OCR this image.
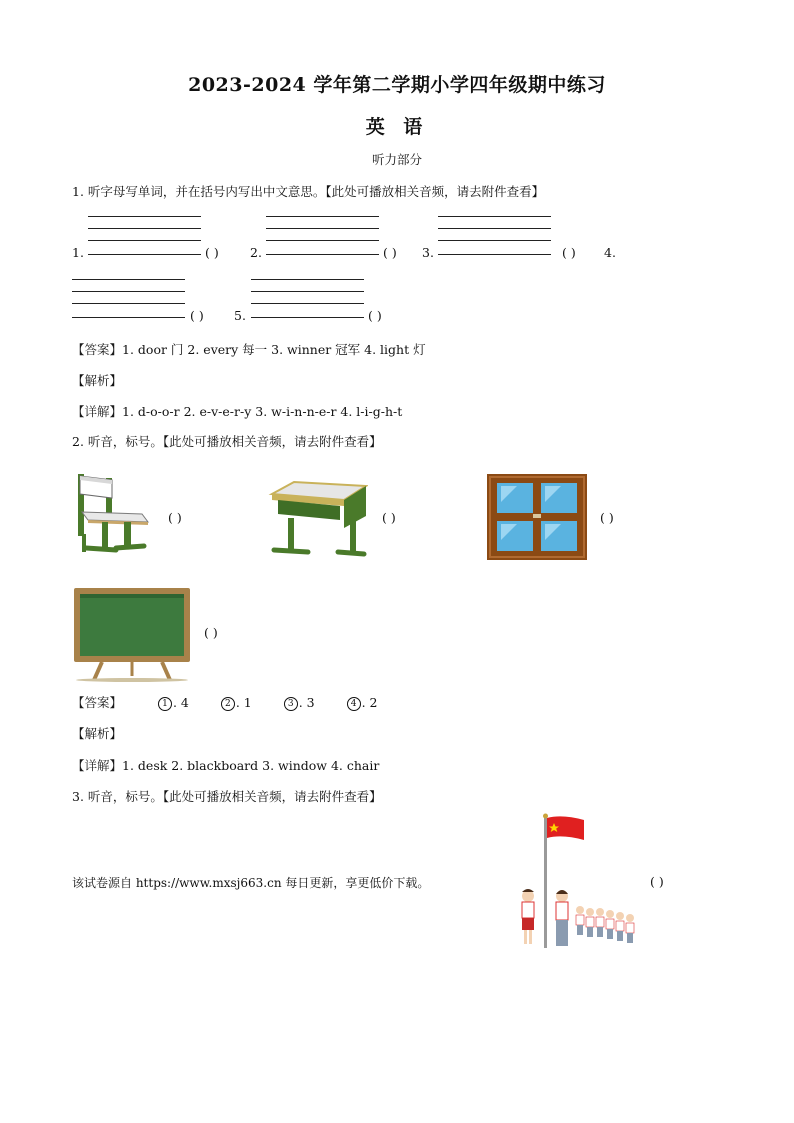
2023-2024 学年第二学期小学四年级期中练习
英 语
听力部分
1. 听字母写单词，并在括号内写出中文意思。【此处可播放相关音频，请去附件查看】
1.	( )	2.	( ) 3.	( ) 4.
( ) 5.	( )
【答案】1. door 门 2. every 每一 3. winner 冠军 4. light 灯
【解析】
【详解】1. d-o-o-r 2. e-v-e-r-y 3. w-i-n-n-e-r 4. l-i-g-h-t
2. 听音，标号。【此处可播放相关音频，请去附件查看】
( )	( )	( )
( )
【答案】	1 . 4	2 . 1	3 . 3	4 . 2
【解析】
【详解】1. desk 2. blackboard 3. window 4. chair
3. 听音，标号。【此处可播放相关音频，请去附件查看】
该试卷源自 https://www.mxsj663.cn 每日更新，享更低价下载。	( )
